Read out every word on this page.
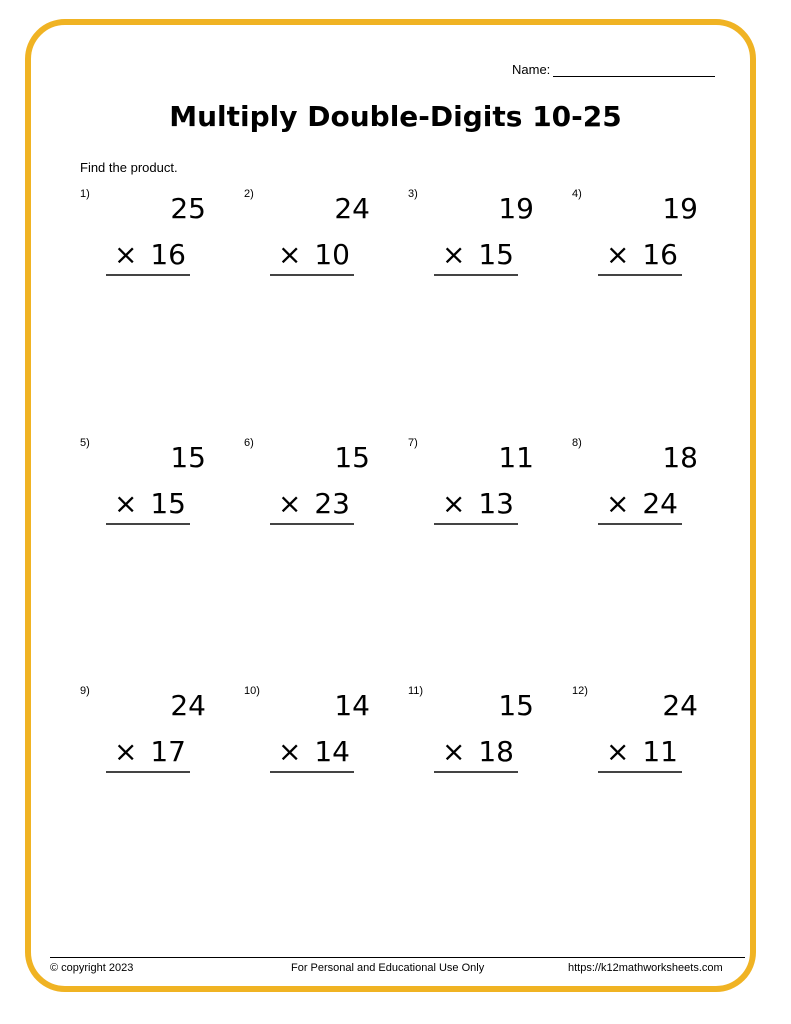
Name:
Multiply Double-Digits 10-25
Find the product.
1)	25
× 16
2)	24
× 10
3)	19
× 15
4)	19
× 16
5)	15
× 15
6)	15
× 23
7)	11
× 13
8)	18
× 24
9)	24
× 17
10)	14
× 14
11)	15
× 18
12)	24
× 11
© copyright 2023	For Personal and Educational Use Only	https://k12mathworksheets.com
